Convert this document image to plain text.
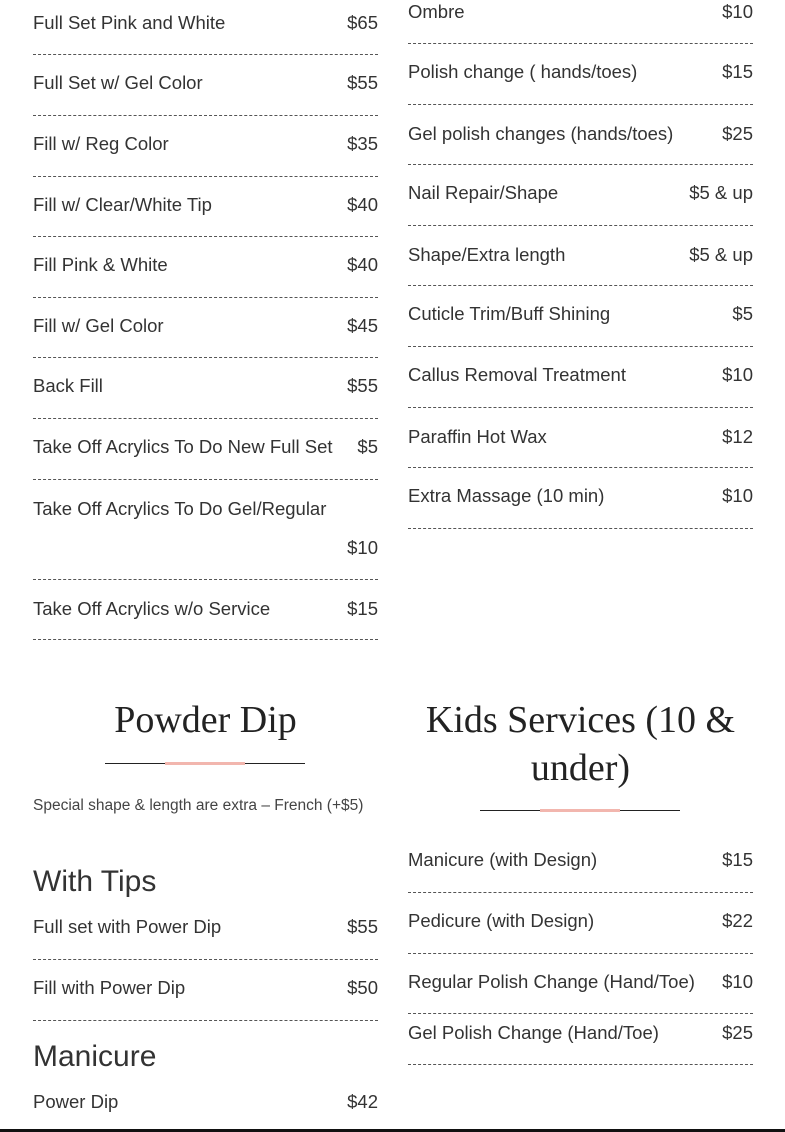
Full Set Pink and White	$65
Full Set w/ Gel Color	$55
Fill w/ Reg Color	$35
Fill w/ Clear/White Tip	$40
Fill Pink & White	$40
Fill w/ Gel Color	$45
Back Fill	$55
Take Off Acrylics To Do New Full Set $5
Take Off Acrylics To Do Gel/Regular
$10
Take Off Acrylics w/o Service	$15
Ombre	$10
Polish change ( hands/toes)	$15
Gel polish changes (hands/toes)	$25
Nail Repair/Shape	$5 & up
Shape/Extra length	$5 & up
Cuticle Trim/Buff Shining	$5
Callus Removal Treatment	$10
Paraffin Hot Wax	$12
Extra Massage (10 min)	$10
Powder Dip
Special shape & length are extra – French (+$5)
With Tips
Full set with Power Dip	$55
Fill with Power Dip	$50
Manicure
Power Dip	$42
Kids Services (10 & under)
Manicure (with Design)	$15
Pedicure (with Design)	$22
Regular Polish Change (Hand/Toe) $10
Gel Polish Change (Hand/Toe)	$25
